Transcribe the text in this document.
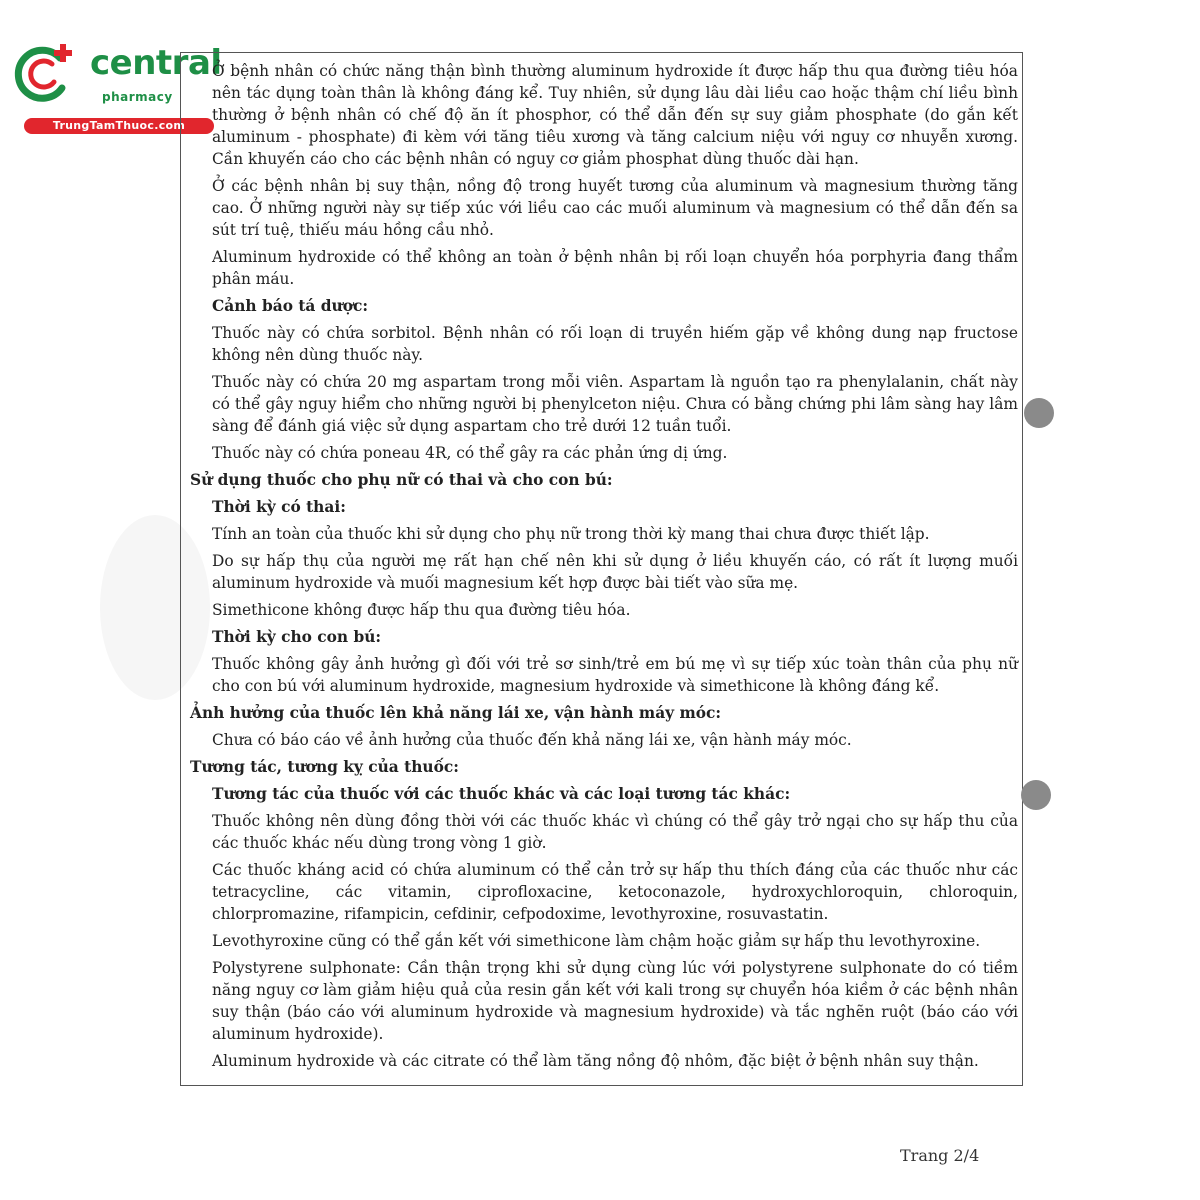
central
pharmacy
TrungTamThuoc.com

Ở bệnh nhân có chức năng thận bình thường aluminum hydroxide ít được hấp thu qua đường tiêu hóa nên tác dụng toàn thân là không đáng kể. Tuy nhiên, sử dụng lâu dài liều cao hoặc thậm chí liều bình thường ở bệnh nhân có chế độ ăn ít phosphor, có thể dẫn đến sự suy giảm phosphate (do gắn kết aluminum - phosphate) đi kèm với tăng tiêu xương và tăng calcium niệu với nguy cơ nhuyễn xương. Cần khuyến cáo cho các bệnh nhân có nguy cơ giảm phosphat dùng thuốc dài hạn.

Ở các bệnh nhân bị suy thận, nồng độ trong huyết tương của aluminum và magnesium thường tăng cao. Ở những người này sự tiếp xúc với liều cao các muối aluminum và magnesium có thể dẫn đến sa sút trí tuệ, thiếu máu hồng cầu nhỏ.

Aluminum hydroxide có thể không an toàn ở bệnh nhân bị rối loạn chuyển hóa porphyria đang thẩm phân máu.

Cảnh báo tá dược:

Thuốc này có chứa sorbitol. Bệnh nhân có rối loạn di truyền hiếm gặp về không dung nạp fructose không nên dùng thuốc này.

Thuốc này có chứa 20 mg aspartam trong mỗi viên. Aspartam là nguồn tạo ra phenylalanin, chất này có thể gây nguy hiểm cho những người bị phenylceton niệu. Chưa có bằng chứng phi lâm sàng hay lâm sàng để đánh giá việc sử dụng aspartam cho trẻ dưới 12 tuần tuổi.

Thuốc này có chứa poneau 4R, có thể gây ra các phản ứng dị ứng.

Sử dụng thuốc cho phụ nữ có thai và cho con bú:

Thời kỳ có thai:

Tính an toàn của thuốc khi sử dụng cho phụ nữ trong thời kỳ mang thai chưa được thiết lập.

Do sự hấp thụ của người mẹ rất hạn chế nên khi sử dụng ở liều khuyến cáo, có rất ít lượng muối aluminum hydroxide và muối magnesium kết hợp được bài tiết vào sữa mẹ.

Simethicone không được hấp thu qua đường tiêu hóa.

Thời kỳ cho con bú:

Thuốc không gây ảnh hưởng gì đối với trẻ sơ sinh/trẻ em bú mẹ vì sự tiếp xúc toàn thân của phụ nữ cho con bú với aluminum hydroxide, magnesium hydroxide và simethicone là không đáng kể.

Ảnh hưởng của thuốc lên khả năng lái xe, vận hành máy móc:

Chưa có báo cáo về ảnh hưởng của thuốc đến khả năng lái xe, vận hành máy móc.

Tương tác, tương kỵ của thuốc:

Tương tác của thuốc với các thuốc khác và các loại tương tác khác:

Thuốc không nên dùng đồng thời với các thuốc khác vì chúng có thể gây trở ngại cho sự hấp thu của các thuốc khác nếu dùng trong vòng 1 giờ.

Các thuốc kháng acid có chứa aluminum có thể cản trở sự hấp thu thích đáng của các thuốc như các tetracycline, các vitamin, ciprofloxacine, ketoconazole, hydroxychloroquin, chloroquin, chlorpromazine, rifampicin, cefdinir, cefpodoxime, levothyroxine, rosuvastatin.

Levothyroxine cũng có thể gắn kết với simethicone làm chậm hoặc giảm sự hấp thu levothyroxine.

Polystyrene sulphonate: Cần thận trọng khi sử dụng cùng lúc với polystyrene sulphonate do có tiềm năng nguy cơ làm giảm hiệu quả của resin gắn kết với kali trong sự chuyển hóa kiềm ở các bệnh nhân suy thận (báo cáo với aluminum hydroxide và magnesium hydroxide) và tắc nghẽn ruột (báo cáo với aluminum hydroxide).

Aluminum hydroxide và các citrate có thể làm tăng nồng độ nhôm, đặc biệt ở bệnh nhân suy thận.

Trang 2/4
